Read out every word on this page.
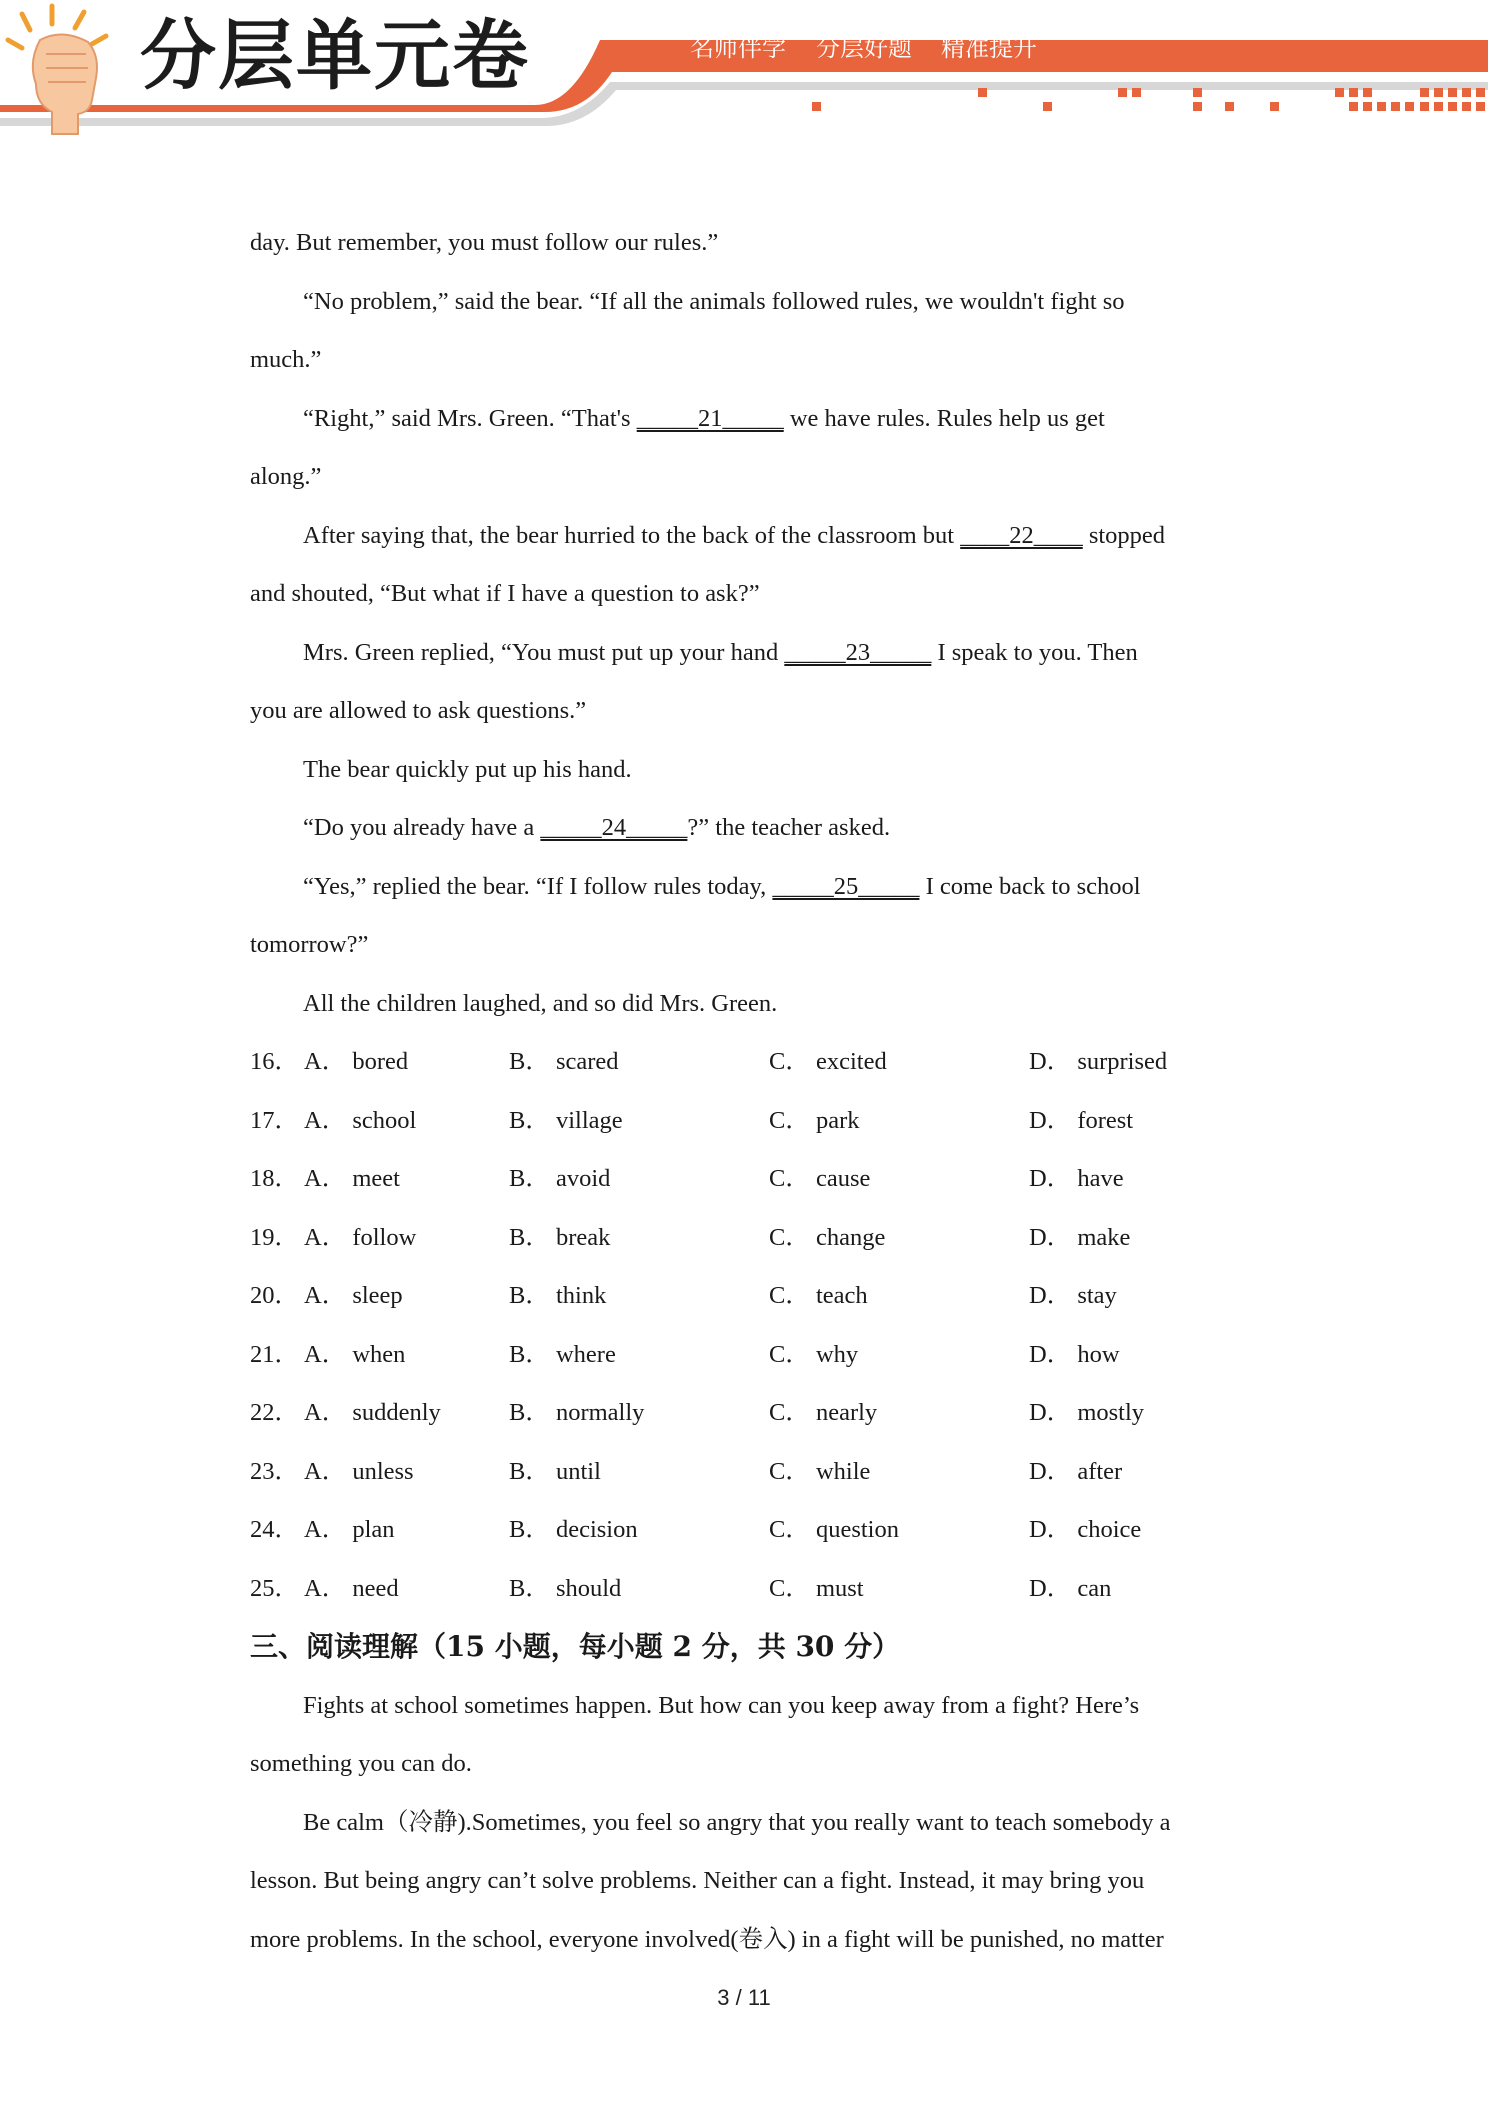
分层单元卷	名师伴学 分层好题 精准提升
day. But remember, you must follow our rules.”
“No problem,” said the bear. “If all the animals followed rules, we wouldn't fight so
much.”
“Right,” said Mrs. Green. “That's _____21_____ we have rules. Rules help us get
along.”
After saying that, the bear hurried to the back of the classroom but ____22____ stopped
and shouted, “But what if I have a question to ask?”
Mrs. Green replied, “You must put up your hand _____23_____ I speak to you. Then
you are allowed to ask questions.”
The bear quickly put up his hand.
“Do you already have a _____24_____?” the teacher asked.
“Yes,” replied the bear. “If I follow rules today, _____25_____ I come back to school
tomorrow?”
All the children laughed, and so did Mrs. Green.
16． A． bored	B． scared	C． excited	D． surprised
17． A． school	B． village	C． park	D． forest
18． A． meet	B． avoid	C． cause	D． have
19． A． follow	B． break	C． change	D． make
20． A． sleep	B． think	C． teach	D． stay
21． A． when	B． where	C． why	D． how
22． A． suddenly	B． normally	C． nearly	D． mostly
23． A． unless	B． until	C． while	D． after
24． A． plan	B． decision	C． question	D． choice
25． A． need	B． should	C． must	D． can
三、阅读理解（15 小题，每小题 2 分，共 30 分）
Fights at school sometimes happen. But how can you keep away from a fight? Here’s
something you can do.
Be calm（冷静).Sometimes, you feel so angry that you really want to teach somebody a
lesson. But being angry can’t solve problems. Neither can a fight. Instead, it may bring you
more problems. In the school, everyone involved(卷入) in a fight will be punished, no matter
3 / 11
